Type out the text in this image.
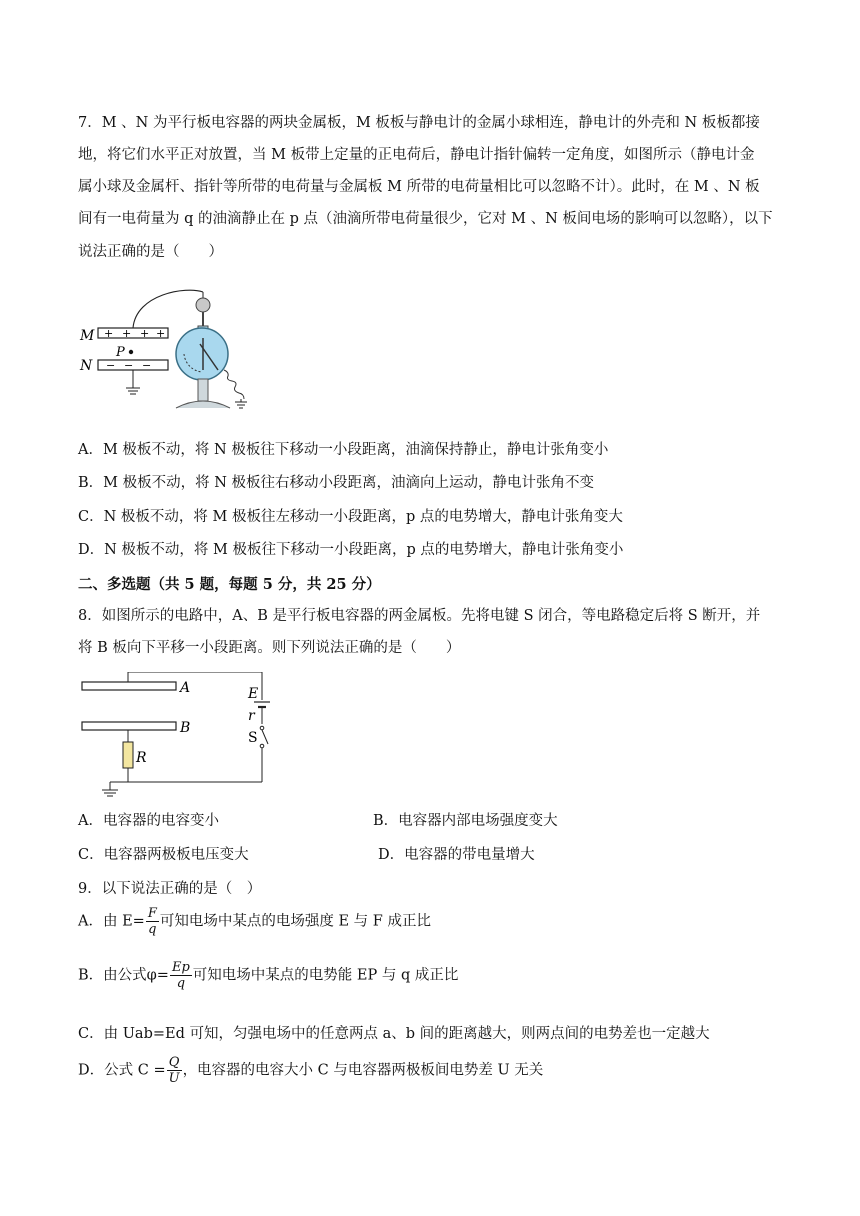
7．M 、N 为平行板电容器的两块金属板，M 板板与静电计的金属小球相连，静电计的外壳和 N 板板都接
地，将它们水平正对放置，当 M 板带上定量的正电荷后，静电计指针偏转一定角度，如图所示（静电计金
属小球及金属杆、指针等所带的电荷量与金属板 M 所带的电荷量相比可以忽略不计）。此时，在 M 、N 板
间有一电荷量为 q 的油滴静止在 p 点（油滴所带电荷量很少，它对 M 、N 板间电场的影响可以忽略），以下
说法正确的是（　　）
M
N
+ + + +
P
− − −
A．M 极板不动，将 N 极板往下移动一小段距离，油滴保持静止，静电计张角变小
B．M 极板不动，将 N 极板往右移动小段距离，油滴向上运动，静电计张角不变
C．N 极板不动，将 M 极板往左移动一小段距离，p 点的电势增大，静电计张角变大
D．N 极板不动，将 M 极板往下移动一小段距离，p 点的电势增大，静电计张角变小
二、多选题（共 5 题，每题 5 分，共 25 分）
8．如图所示的电路中，A、B 是平行板电容器的两金属板。先将电键 S 闭合，等电路稳定后将 S 断开，并
将 B 板向下平移一小段距离。则下列说法正确的是（　　）
A
B
E
r
S
R
A．电容器的电容变小	B．电容器内部电场强度变大
C．电容器两极板电压变大	D．电容器的带电量增大
9．以下说法正确的是（　）
A．由 $E= \frac{F}{q}$ 可知电场中某点的电场强度 E 与 F 成正比
B．由公式$\varphi= \frac{Ep}{q}$ 可知电场中某点的电势能 EP 与 q 成正比
C．由 Uab=Ed 可知，匀强电场中的任意两点 a、b 间的距离越大，则两点间的电势差也一定越大
D．公式 $C = \frac{Q}{U}$ ，电容器的电容大小 C 与电容器两极板间电势差 U 无关
